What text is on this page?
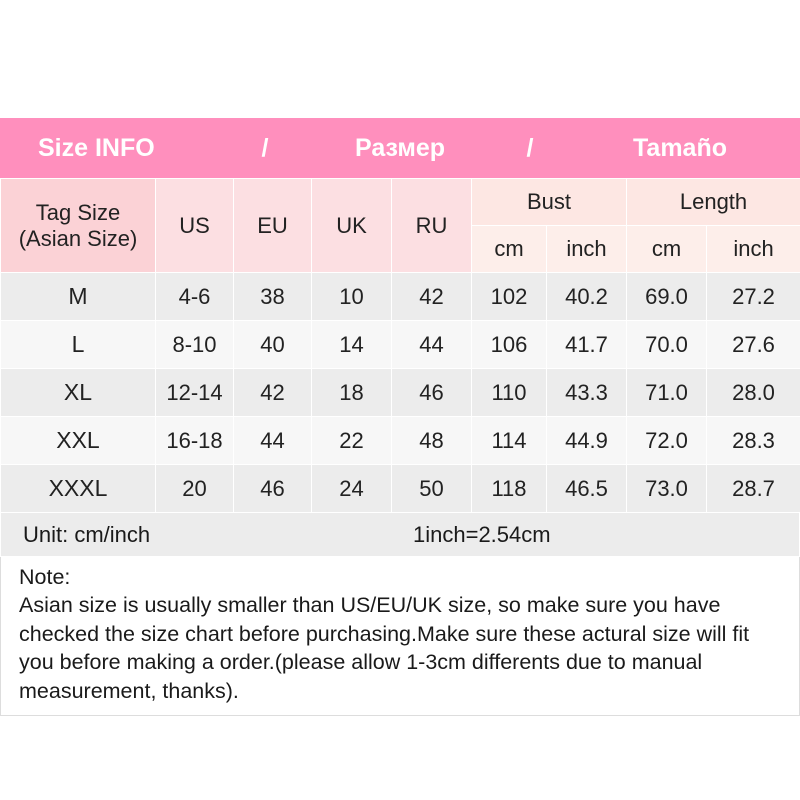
Size INFO	/	Размер	/	Tamaño
Tag Size
(Asian Size)	US	EU	UK	RU	Bust		Length	
					cm	inch	cm	inch
M	4-6	38	10	42	102	40.2	69.0	27.2
L	8-10	40	14	44	106	41.7	70.0	27.6
XL	12-14	42	18	46	110	43.3	71.0	28.0
XXL	16-18	44	22	48	114	44.9	72.0	28.3
XXXL	20	46	24	50	118	46.5	73.0	28.7
Unit: cm/inch	1inch=2.54cm
Note:
Asian size is usually smaller than US/EU/UK size, so make sure you have checked the size chart before purchasing.Make sure these actural size will fit you before making a order.(please allow 1-3cm differents due to manual measurement, thanks).
